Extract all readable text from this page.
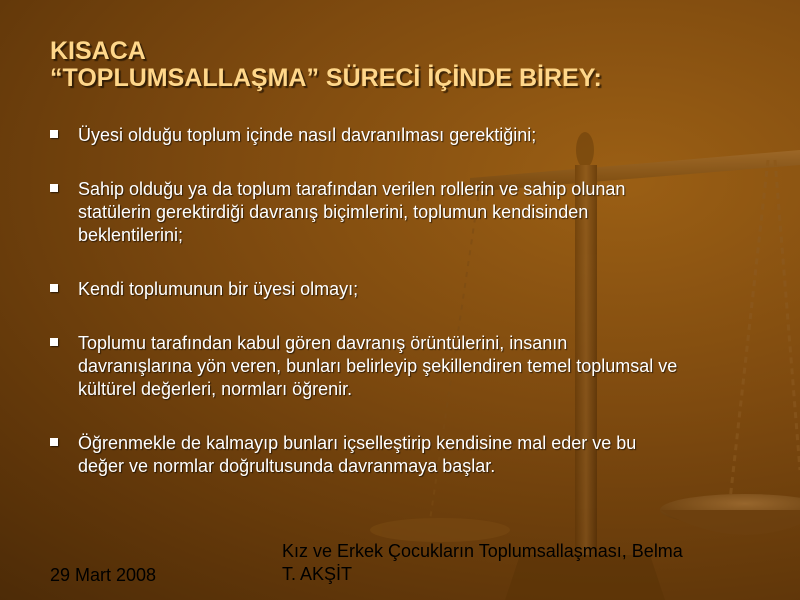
KISACA
“TOPLUMSALLAŞMA” SÜRECİ İÇİNDE BİREY:
Üyesi olduğu toplum içinde nasıl davranılması gerektiğini;
Sahip olduğu ya da toplum tarafından verilen rollerin ve sahip olunan
statülerin gerektirdiği davranış biçimlerini, toplumun kendisinden
beklentilerini;
Kendi toplumunun bir üyesi olmayı;
Toplumu tarafından kabul gören davranış örüntülerini, insanın
davranışlarına yön veren, bunları belirleyip şekillendiren temel toplumsal ve
kültürel değerleri, normları öğrenir.
Öğrenmekle de kalmayıp bunları içselleştirip kendisine mal eder ve bu
değer ve normlar doğrultusunda davranmaya başlar.
29 Mart 2008
Kız ve Erkek Çocukların Toplumsallaşması, Belma
T. AKŞİT
